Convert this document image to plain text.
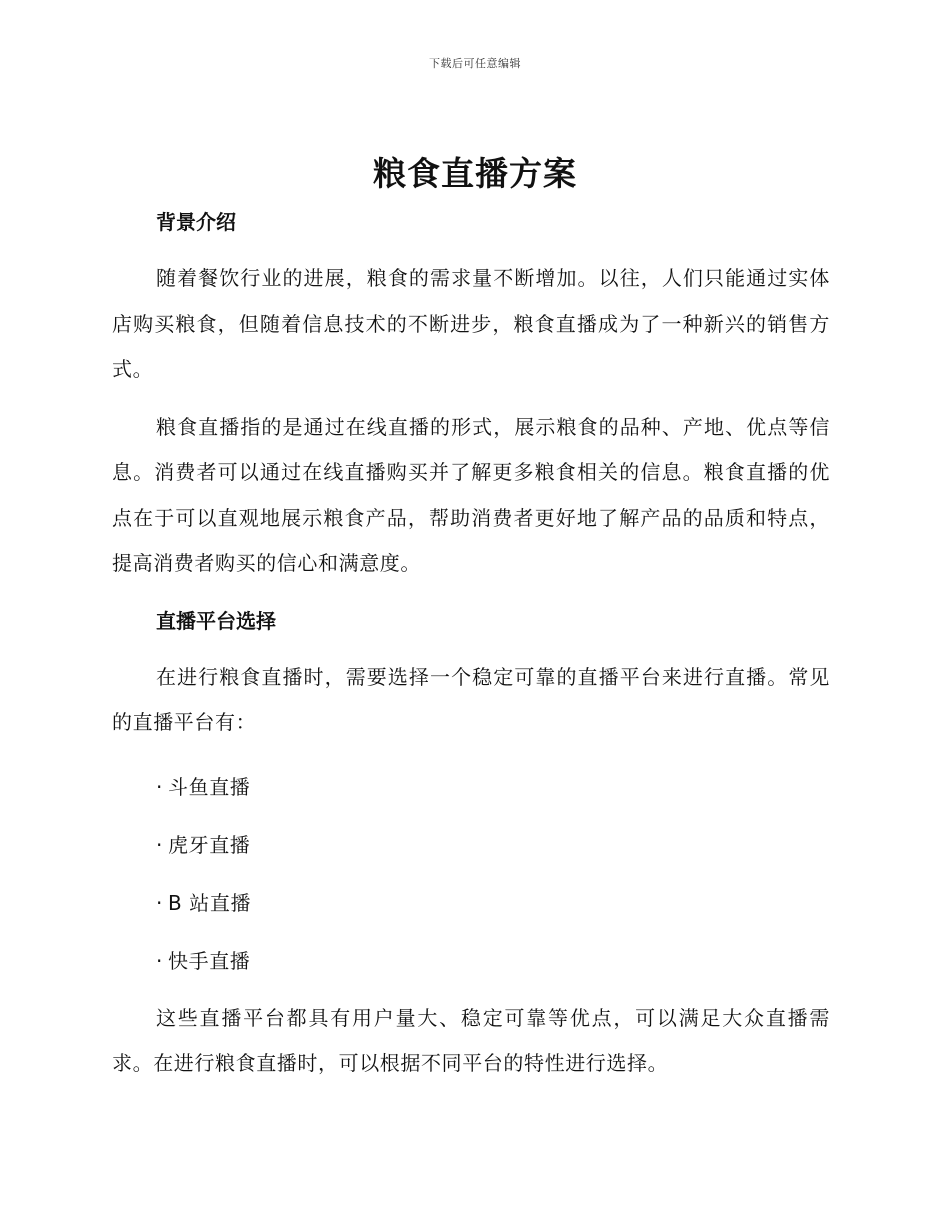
下载后可任意编辑
粮食直播方案
背景介绍

随着餐饮行业的进展，粮食的需求量不断增加。以往，人们只能通过实体店购买粮食，但随着信息技术的不断进步，粮食直播成为了一种新兴的销售方式。

粮食直播指的是通过在线直播的形式，展示粮食的品种、产地、优点等信息。消费者可以通过在线直播购买并了解更多粮食相关的信息。粮食直播的优点在于可以直观地展示粮食产品，帮助消费者更好地了解产品的品质和特点，提高消费者购买的信心和满意度。

直播平台选择

在进行粮食直播时，需要选择一个稳定可靠的直播平台来进行直播。常见的直播平台有：

· 斗鱼直播
· 虎牙直播
· B 站直播
· 快手直播

这些直播平台都具有用户量大、稳定可靠等优点，可以满足大众直播需求。在进行粮食直播时，可以根据不同平台的特性进行选择。
